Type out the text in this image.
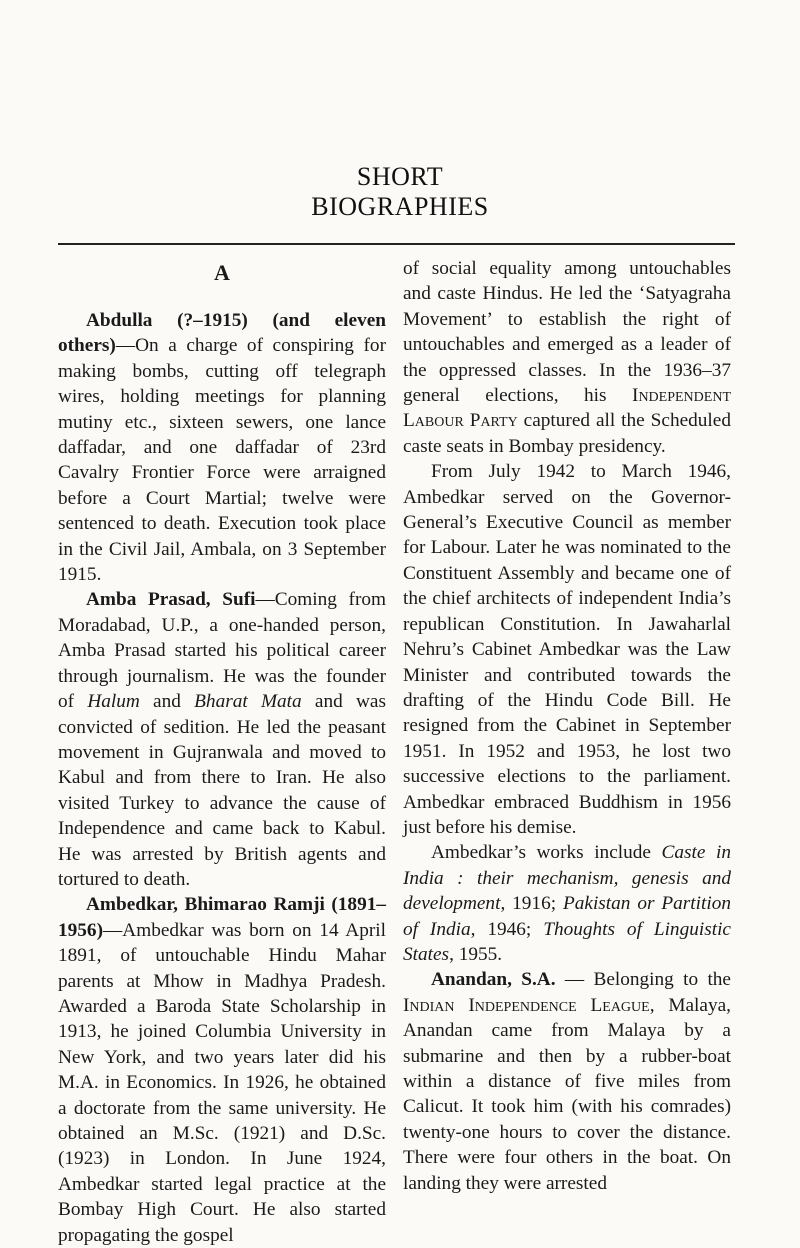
SHORT
BIOGRAPHIES
A

Abdulla (?–1915) (and eleven others)—On a charge of conspiring for making bombs, cutting off telegraph wires, holding meetings for planning mutiny etc., sixteen sewers, one lance daffadar, and one daffadar of 23rd Cavalry Frontier Force were arraigned before a Court Martial; twelve were sentenced to death. Execution took place in the Civil Jail, Ambala, on 3 September 1915.

Amba Prasad, Sufi—Coming from Moradabad, U.P., a one-handed person, Amba Prasad started his political career through journalism. He was the founder of Halum and Bharat Mata and was convicted of sedition. He led the peasant movement in Gujranwala and moved to Kabul and from there to Iran. He also visited Turkey to advance the cause of Independence and came back to Kabul. He was arrested by British agents and tortured to death.

Ambedkar, Bhimarao Ramji (1891–1956)—Ambedkar was born on 14 April 1891, of untouchable Hindu Mahar parents at Mhow in Madhya Pradesh. Awarded a Baroda State Scholarship in 1913, he joined Columbia University in New York, and two years later did his M.A. in Economics. In 1926, he obtained a doctorate from the same university. He obtained an M.Sc. (1921) and D.Sc. (1923) in London. In June 1924, Ambedkar started legal practice at the Bombay High Court. He also started propagating the gospel

of social equality among untouchables and caste Hindus. He led the ‘Satyagraha Movement’ to establish the right of untouchables and emerged as a leader of the oppressed classes. In the 1936–37 general elections, his Independent Labour Party captured all the Scheduled caste seats in Bombay presidency.

From July 1942 to March 1946, Ambedkar served on the Governor-General’s Executive Council as member for Labour. Later he was nominated to the Constituent Assembly and became one of the chief architects of independent India’s republican Constitution. In Jawaharlal Nehru’s Cabinet Ambedkar was the Law Minister and contributed towards the drafting of the Hindu Code Bill. He resigned from the Cabinet in September 1951. In 1952 and 1953, he lost two successive elections to the parliament. Ambedkar embraced Buddhism in 1956 just before his demise.

Ambedkar’s works include Caste in India : their mechanism, genesis and development, 1916; Pakistan or Partition of India, 1946; Thoughts of Linguistic States, 1955.

Anandan, S.A. — Belonging to the Indian Independence League, Malaya, Anandan came from Malaya by a submarine and then by a rubber-boat within a distance of five miles from Calicut. It took him (with his comrades) twenty-one hours to cover the distance. There were four others in the boat. On landing they were arrested
